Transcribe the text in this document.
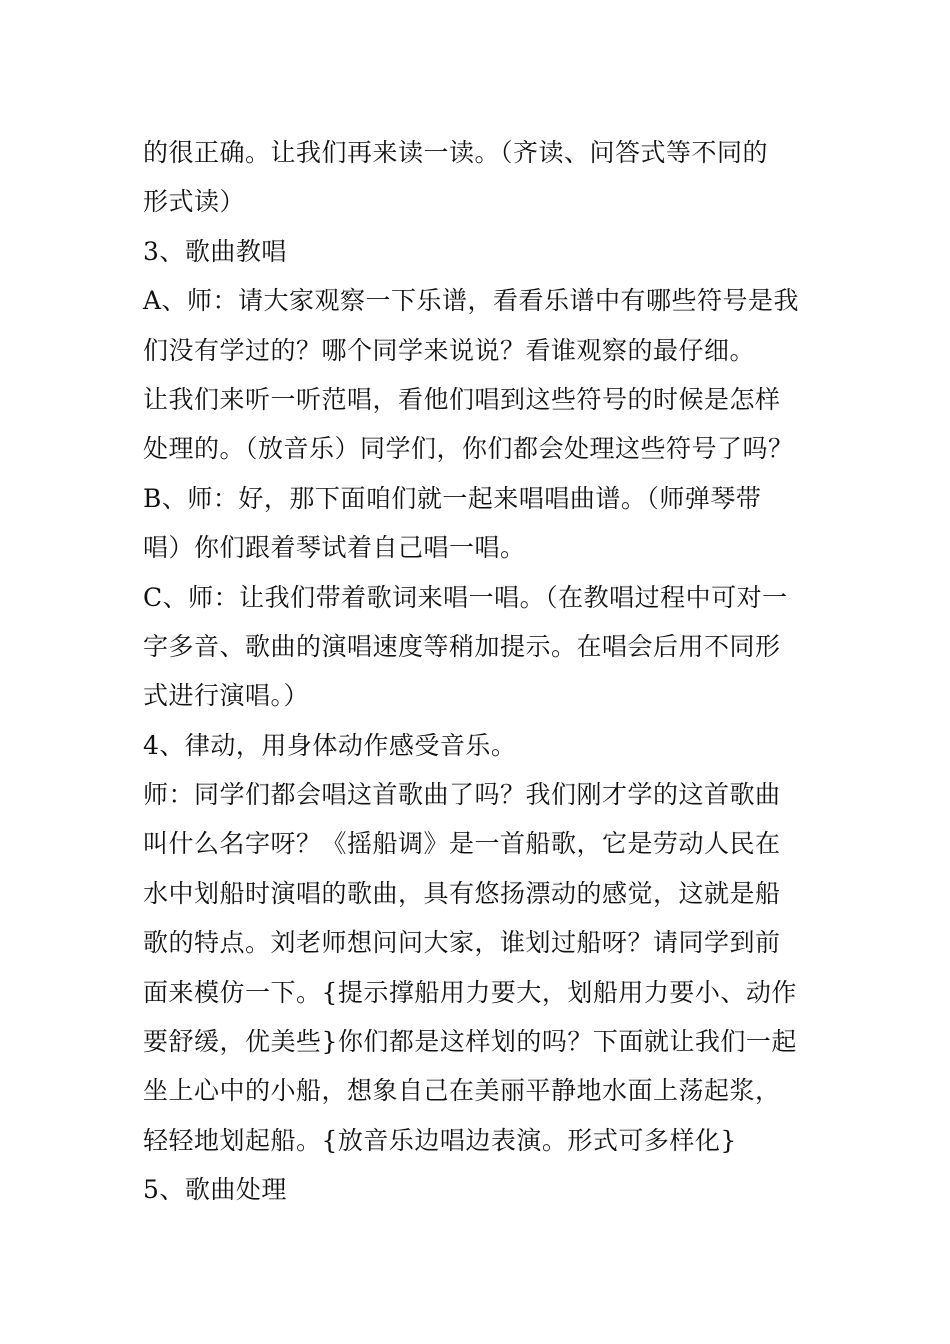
的很正确。让我们再来读一读。（齐读、问答式等不同的
形式读）
3、歌曲教唱
A、师：请大家观察一下乐谱，看看乐谱中有哪些符号是我
们没有学过的？哪个同学来说说？看谁观察的最仔细。
让我们来听一听范唱，看他们唱到这些符号的时候是怎样
处理的。（放音乐）同学们，你们都会处理这些符号了吗？
B、师：好，那下面咱们就一起来唱唱曲谱。（师弹琴带
唱）你们跟着琴试着自己唱一唱。
C、师：让我们带着歌词来唱一唱。（在教唱过程中可对一
字多音、歌曲的演唱速度等稍加提示。在唱会后用不同形
式进行演唱。）
4、律动，用身体动作感受音乐。
师：同学们都会唱这首歌曲了吗？我们刚才学的这首歌曲
叫什么名字呀？《摇船调》是一首船歌，它是劳动人民在
水中划船时演唱的歌曲，具有悠扬漂动的感觉，这就是船
歌的特点。刘老师想问问大家，谁划过船呀？请同学到前
面来模仿一下。{提示撑船用力要大，划船用力要小、动作
要舒缓，优美些}你们都是这样划的吗？下面就让我们一起
坐上心中的小船，想象自己在美丽平静地水面上荡起浆，
轻轻地划起船。{放音乐边唱边表演。形式可多样化}
5、歌曲处理
